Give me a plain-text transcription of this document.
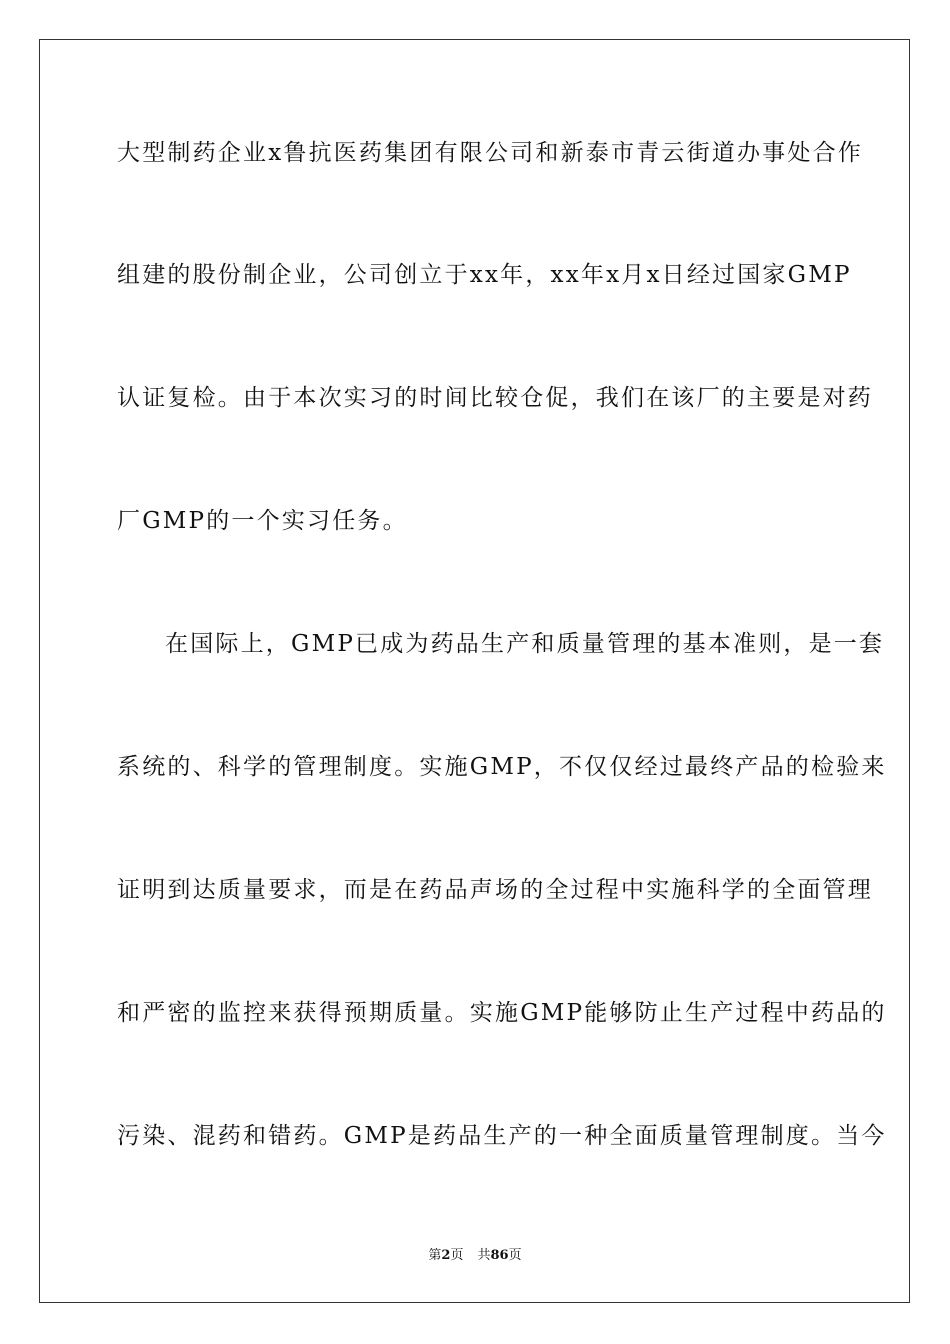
大型制药企业x鲁抗医药集团有限公司和新泰市青云街道办事处合作
组建的股份制企业，公司创立于xx年，xx年x月x日经过国家GMP
认证复检。由于本次实习的时间比较仓促，我们在该厂的主要是对药
厂GMP的一个实习任务。
在国际上，GMP已成为药品生产和质量管理的基本准则，是一套
系统的、科学的管理制度。实施GMP，不仅仅经过最终产品的检验来
证明到达质量要求，而是在药品声场的全过程中实施科学的全面管理
和严密的监控来获得预期质量。实施GMP能够防止生产过程中药品的
污染、混药和错药。GMP是药品生产的一种全面质量管理制度。当今
第2页 共86页
